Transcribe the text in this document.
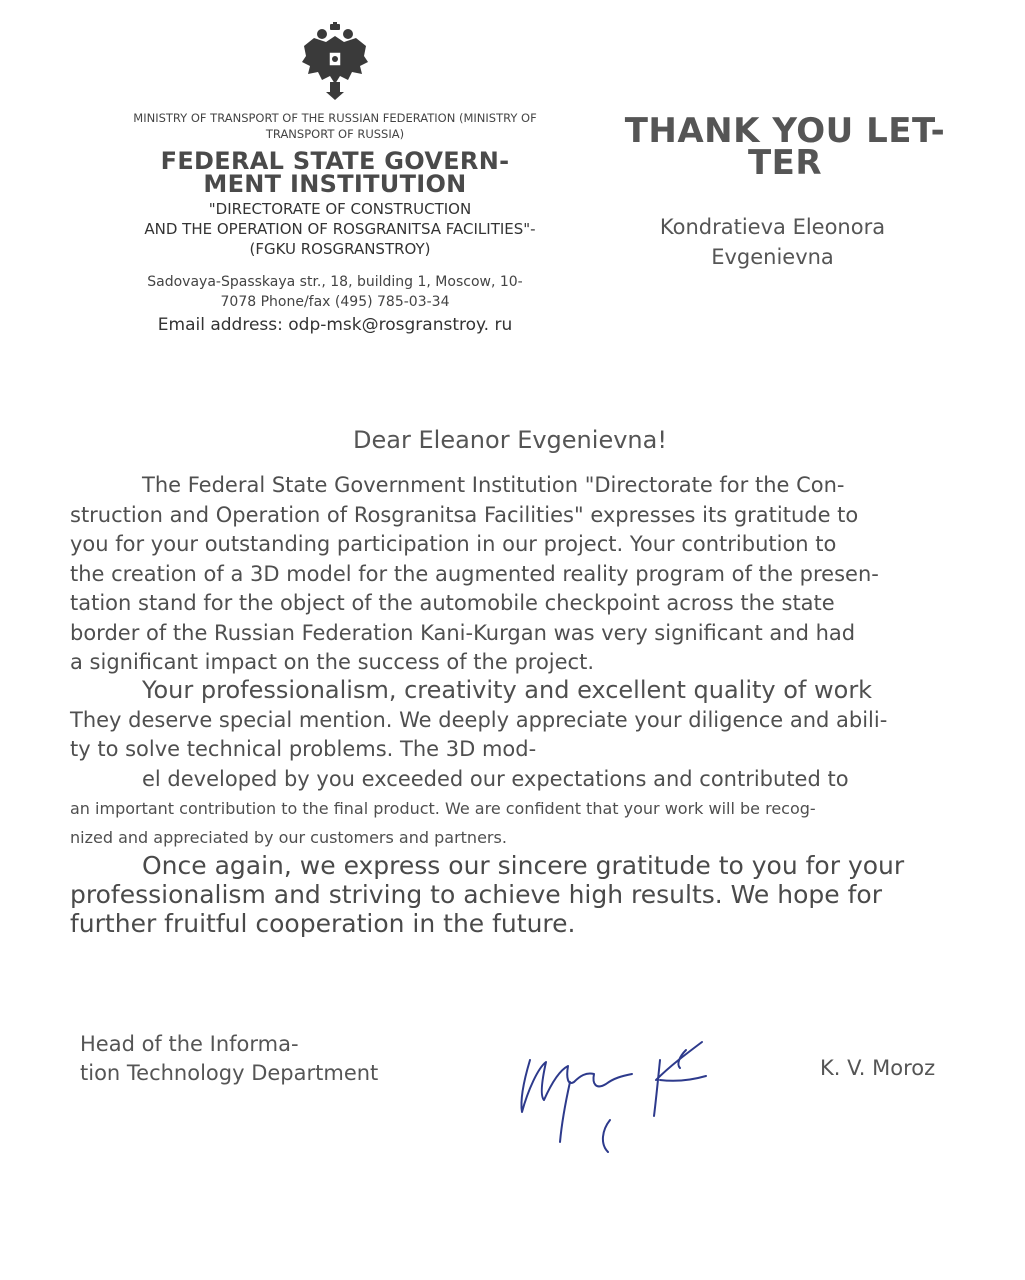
MINISTRY OF TRANSPORT OF THE RUSSIAN FEDERATION (MINISTRY OF
TRANSPORT OF RUSSIA)
FEDERAL STATE GOVERN-
MENT INSTITUTION
"DIRECTORATE OF CONSTRUCTION
AND THE OPERATION OF ROSGRANITSA FACILITIES"-
(FGKU ROSGRANSTROY)
Sadovaya-Spasskaya str., 18, building 1, Moscow, 10-
7078 Phone/fax (495) 785-03-34
Email address: odp-msk@rosgranstroy. ru
THANK YOU LET-
TER
Kondratieva Eleonora
Evgenievna
Dear Eleanor Evgenievna!
The Federal State Government Institution "Directorate for the Con-
struction and Operation of Rosgranitsa Facilities" expresses its gratitude to
you for your outstanding participation in our project. Your contribution to
the creation of a 3D model for the augmented reality program of the presen-
tation stand for the object of the automobile checkpoint across the state
border of the Russian Federation Kani-Kurgan was very significant and had
a significant impact on the success of the project.
Your professionalism, creativity and excellent quality of work
They deserve special mention. We deeply appreciate your diligence and abili-
ty to solve technical problems. The 3D mod-
el developed by you exceeded our expectations and contributed to
an important contribution to the final product. We are confident that your work will be recog-
nized and appreciated by our customers and partners.
Once again, we express our sincere gratitude to you for your
professionalism and striving to achieve high results. We hope for
further fruitful cooperation in the future.
Head of the Informa-
tion Technology Department	K. V. Moroz
